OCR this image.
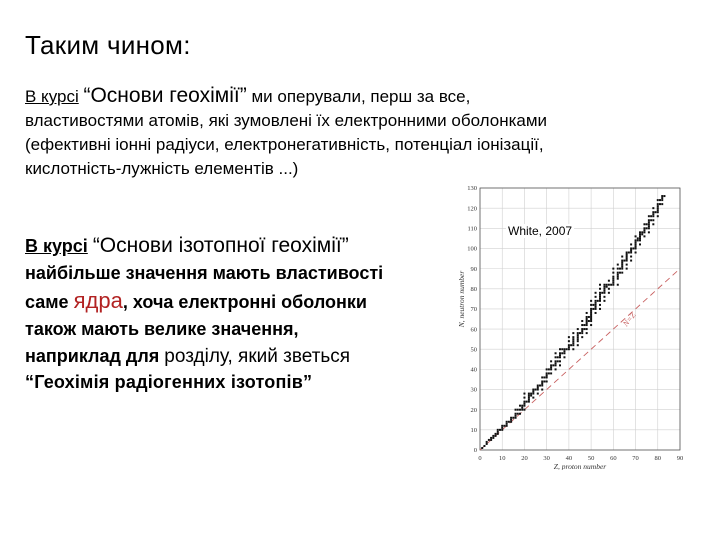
Таким чином:

В курсі “Основи геохімії” ми оперували, перш за все,
властивостями атомів, які зумовлені їх електронними оболонками
(ефективні іонні радіуси, електронегативність, потенціал іонізації,
кислотність-лужність елементів ...)

В курсі “Основи ізотопної геохімії”
найбільше значення мають властивості
саме ядра, хоча електронні оболонки
також мають велике значення,
наприклад для розділу, який зветься

“Геохімія радіогенних ізотопів”

0	10 20 30 40 50 60 70 80 90
0
10
20
30
40
50
60
70
80
90
100
110
120
130
N=Z
Z, proton number
N, neutron number
White, 2007
